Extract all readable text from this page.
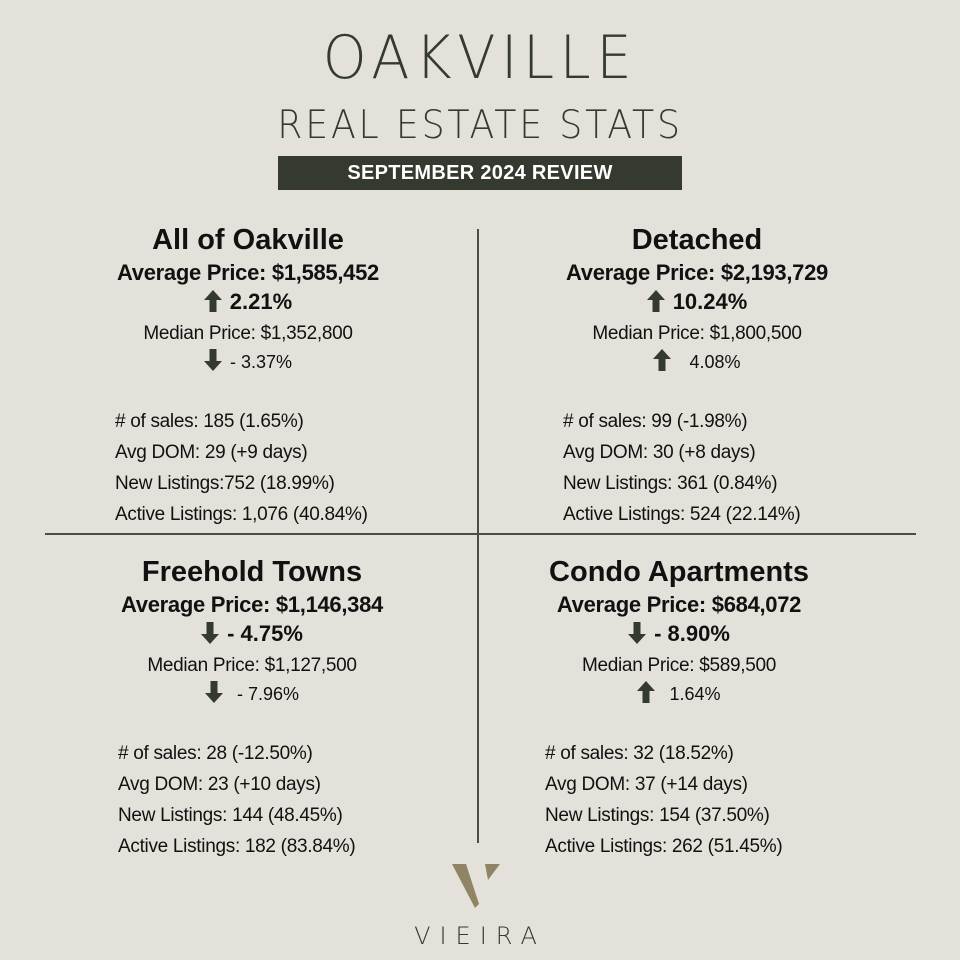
OAKVILLE
REAL ESTATE STATS
SEPTEMBER 2024 REVIEW
All of Oakville
Average Price: $1,585,452
2.21%
Median Price: $1,352,800
- 3.37%
# of sales: 185 (1.65%)
Avg DOM: 29 (+9 days)
New Listings:752 (18.99%)
Active Listings: 1,076 (40.84%)
Detached
Average Price: $2,193,729
10.24%
Median Price: $1,800,500
4.08%
# of sales: 99 (-1.98%)
Avg DOM: 30 (+8 days)
New Listings: 361 (0.84%)
Active Listings: 524 (22.14%)
Freehold Towns
Average Price: $1,146,384
- 4.75%
Median Price: $1,127,500
- 7.96%
# of sales: 28 (-12.50%)
Avg DOM: 23 (+10 days)
New Listings: 144 (48.45%)
Active Listings: 182 (83.84%)
Condo Apartments
Average Price: $684,072
- 8.90%
Median Price: $589,500
1.64%
# of sales: 32 (18.52%)
Avg DOM: 37 (+14 days)
New Listings: 154 (37.50%)
Active Listings: 262 (51.45%)
VIEIRA
